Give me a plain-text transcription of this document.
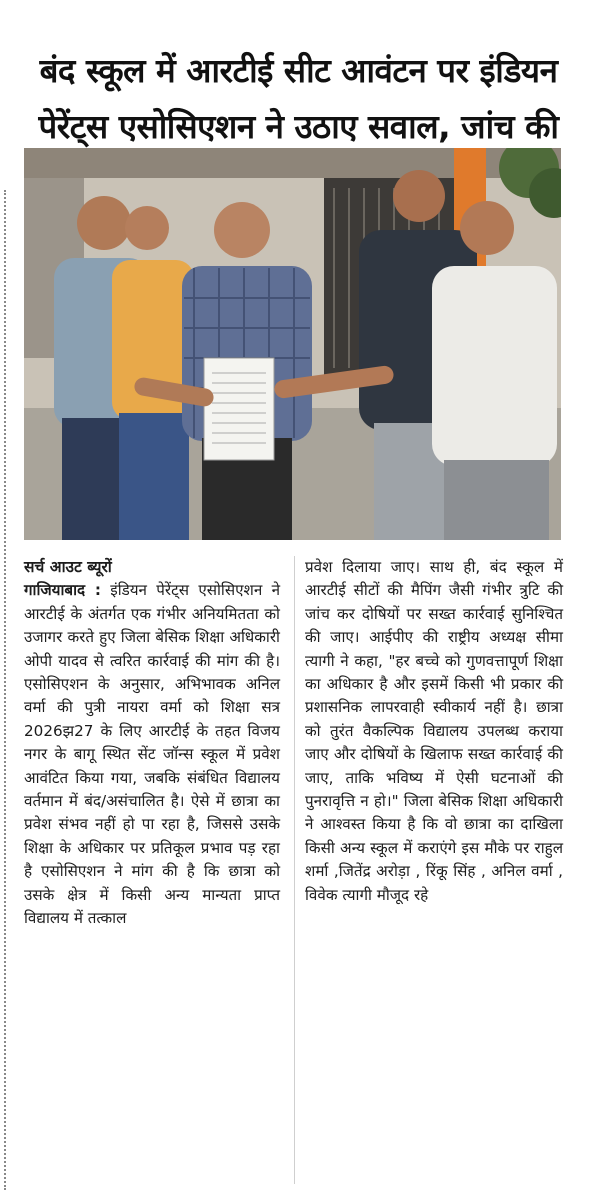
बंद स्कूल में आरटीई सीट आवंटन पर इंडियन
पेरेंट्स एसोसिएशन ने उठाए सवाल, जांच की
सर्च आउट ब्यूरों

गाजियाबाद : इंडियन पेरेंट्स एसोसिएशन ने आरटीई के अंतर्गत एक गंभीर अनियमितता को उजागर करते हुए जिला बेसिक शिक्षा अधिकारी ओपी यादव से त्वरित कार्रवाई की मांग की है। एसोसिएशन के अनुसार, अभिभावक अनिल वर्मा की पुत्री नायरा वर्मा को शिक्षा सत्र 2026झ27 के लिए आरटीई के तहत विजय नगर के बागू स्थित सेंट जॉन्स स्कूल में प्रवेश आवंटित किया गया, जबकि संबंधित विद्यालय वर्तमान में बंद/असंचालित है। ऐसे में छात्रा का प्रवेश संभव नहीं हो पा रहा है, जिससे उसके शिक्षा के अधिकार पर प्रतिकूल प्रभाव पड़ रहा है एसोसिएशन ने मांग की है कि छात्रा को उसके क्षेत्र में किसी अन्य मान्यता प्राप्त विद्यालय में तत्काल

प्रवेश दिलाया जाए। साथ ही, बंद स्कूल में आरटीई सीटों की मैपिंग जैसी गंभीर त्रुटि की जांच कर दोषियों पर सख्त कार्रवाई सुनिश्चित की जाए। आईपीए की राष्ट्रीय अध्यक्ष सीमा त्यागी ने कहा, "हर बच्चे को गुणवत्तापूर्ण शिक्षा का अधिकार है और इसमें किसी भी प्रकार की प्रशासनिक लापरवाही स्वीकार्य नहीं है। छात्रा को तुरंत वैकल्पिक विद्यालय उपलब्ध कराया जाए और दोषियों के खिलाफ सख्त कार्रवाई की जाए, ताकि भविष्य में ऐसी घटनाओं की पुनरावृत्ति न हो।" जिला बेसिक शिक्षा अधिकारी ने आश्वस्त किया है कि वो छात्रा का दाखिला किसी अन्य स्कूल में कराएंगे इस मौके पर राहुल शर्मा ,जितेंद्र अरोड़ा , रिंकू सिंह , अनिल वर्मा , विवेक त्यागी मौजूद रहे
